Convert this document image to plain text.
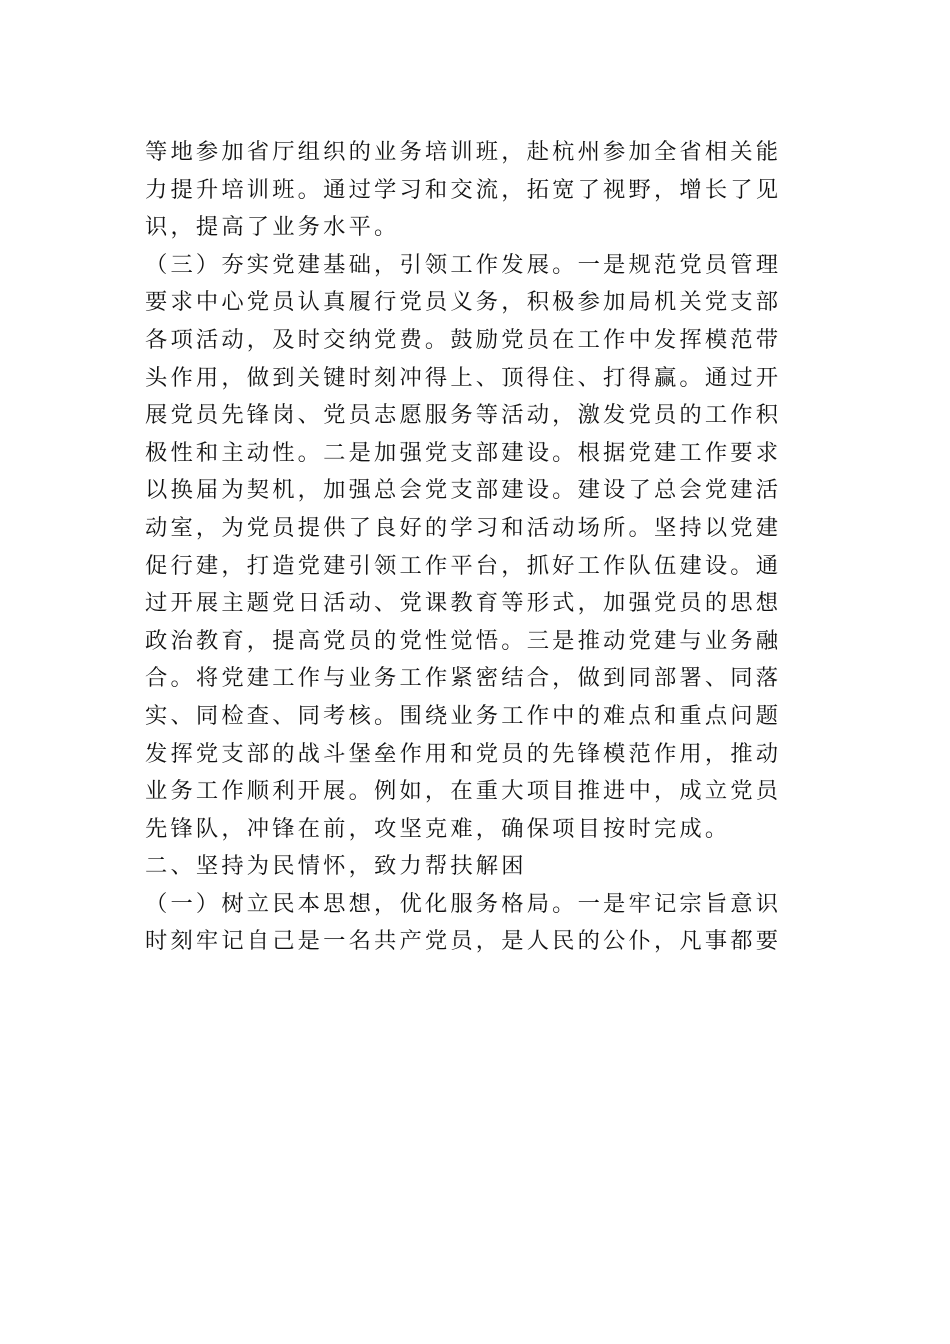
等地参加省厅组织的业务培训班，赴杭州参加全省相关能
力提升培训班。通过学习和交流，拓宽了视野，增长了见
识，提高了业务水平。
（三）夯实党建基础，引领工作发展。一是规范党员管理
要求中心党员认真履行党员义务，积极参加局机关党支部
各项活动，及时交纳党费。鼓励党员在工作中发挥模范带
头作用，做到关键时刻冲得上、顶得住、打得赢。通过开
展党员先锋岗、党员志愿服务等活动，激发党员的工作积
极性和主动性。二是加强党支部建设。根据党建工作要求
以换届为契机，加强总会党支部建设。建设了总会党建活
动室，为党员提供了良好的学习和活动场所。坚持以党建
促行建，打造党建引领工作平台，抓好工作队伍建设。通
过开展主题党日活动、党课教育等形式，加强党员的思想
政治教育，提高党员的党性觉悟。三是推动党建与业务融
合。将党建工作与业务工作紧密结合，做到同部署、同落
实、同检查、同考核。围绕业务工作中的难点和重点问题
发挥党支部的战斗堡垒作用和党员的先锋模范作用，推动
业务工作顺利开展。例如，在重大项目推进中，成立党员
先锋队，冲锋在前，攻坚克难，确保项目按时完成。
二、坚持为民情怀，致力帮扶解困
（一）树立民本思想，优化服务格局。一是牢记宗旨意识
时刻牢记自己是一名共产党员，是人民的公仆，凡事都要
